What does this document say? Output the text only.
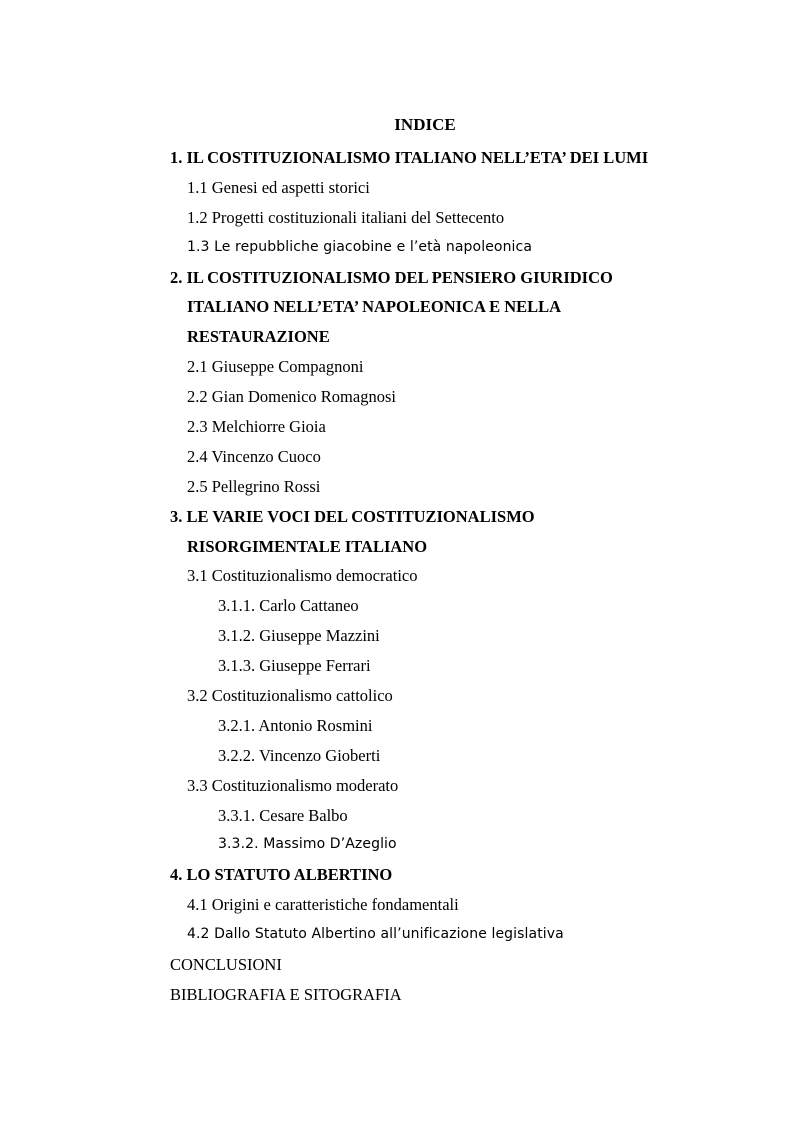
INDICE
1. IL COSTITUZIONALISMO ITALIANO NELL’ETA’ DEI LUMI
1.1 Genesi ed aspetti storici
1.2 Progetti costituzionali italiani del Settecento
1.3 Le repubbliche giacobine e l’età napoleonica
2. IL COSTITUZIONALISMO DEL PENSIERO GIURIDICO
ITALIANO NELL’ETA’ NAPOLEONICA E NELLA
RESTAURAZIONE
2.1 Giuseppe Compagnoni
2.2 Gian Domenico Romagnosi
2.3 Melchiorre Gioia
2.4 Vincenzo Cuoco
2.5 Pellegrino Rossi
3. LE VARIE VOCI DEL COSTITUZIONALISMO
RISORGIMENTALE ITALIANO
3.1 Costituzionalismo democratico
3.1.1. Carlo Cattaneo
3.1.2. Giuseppe Mazzini
3.1.3. Giuseppe Ferrari
3.2 Costituzionalismo cattolico
3.2.1. Antonio Rosmini
3.2.2. Vincenzo Gioberti
3.3 Costituzionalismo moderato
3.3.1. Cesare Balbo
3.3.2. Massimo D’Azeglio
4. LO STATUTO ALBERTINO
4.1 Origini e caratteristiche fondamentali
4.2 Dallo Statuto Albertino all’unificazione legislativa
CONCLUSIONI
BIBLIOGRAFIA E SITOGRAFIA
